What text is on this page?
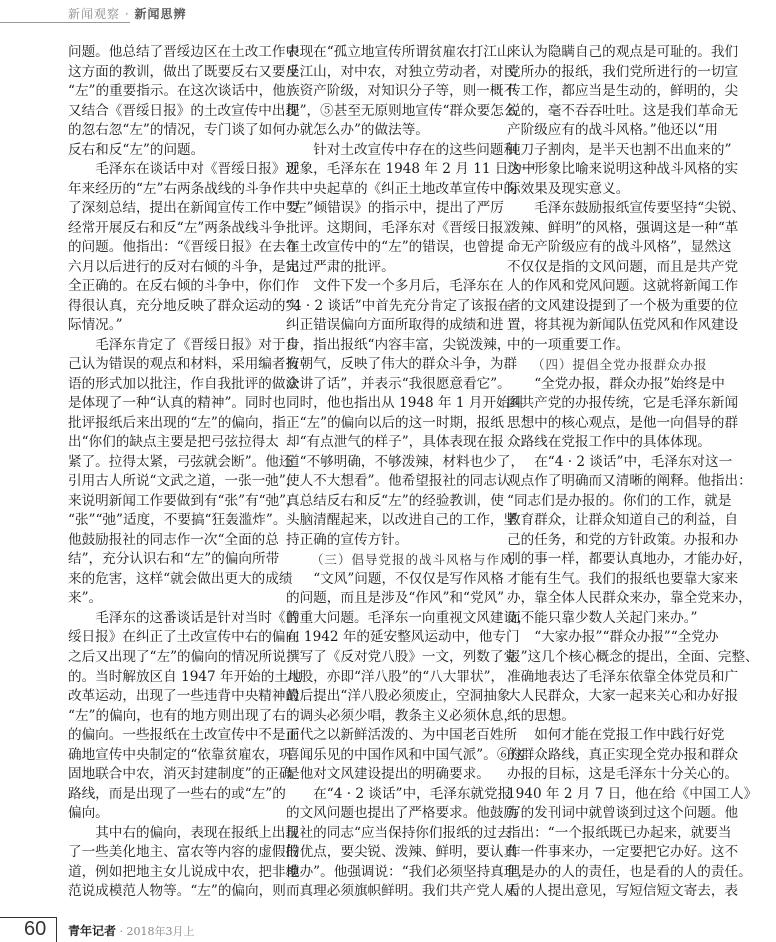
新闻观察 · 新闻思辨
问题。他总结了晋绥边区在土改工作中
这方面的教训，做出了既要反右又要反
“左”的重要指示。在这次谈话中，他
又结合《晋绥日报》的土改宣传中出现
的忽右忽“左”的情况，专门谈了如何
反右和反“左”的问题。
毛泽东在谈话中对《晋绥日报》近
年来经历的“左”右两条战线的斗争作
了深刻总结，提出在新闻宣传工作中要
经常开展反右和反“左”两条战线斗争
的问题。他指出：“《晋绥日报》在去年
六月以后进行的反对右倾的斗争，是完
全正确的。在反右倾的斗争中，你们作
得很认真，充分地反映了群众运动的实
际情况。”
毛泽东肯定了《晋绥日报》对于自
己认为错误的观点和材料，采用编者按
语的形式加以批注，作自我批评的做法
是体现了一种“认真的精神”。同时也
批评报纸后来出现的“左”的偏向，指
出“你们的缺点主要是把弓弦拉得太
紧了。拉得太紧，弓弦就会断”。他还
引用古人所说“文武之道，一张一弛”，
来说明新闻工作要做到有“张”有“弛”，
“张”“弛”适度，不要搞“狂轰滥炸”。
他鼓励报社的同志作一次“全面的总
结”，充分认识右和“左”的偏向所带
来的危害，这样“就会做出更大的成绩
来”。
毛泽东的这番谈话是针对当时《晋
绥日报》在纠正了土改宣传中右的偏向
之后又出现了“左”的偏向的情况所说
的。当时解放区自 1947 年开始的土地
改革运动，出现了一些违背中央精神的
“左”的偏向，也有的地方则出现了右
的偏向。一些报纸在土改宣传中不是正
确地宣传中央制定的“依靠贫雇农，巩
固地联合中农，消灭封建制度”的正确
路线，而是出现了一些右的或“左”的
偏向。
其中右的偏向，表现在报纸上出现
了一些美化地主、富农等内容的虚假报
道，例如把地主女儿说成中农，把非模
范说成模范人物等。“左”的偏向，则
表现在“孤立地宣传所谓贫雇农打江山
坐江山，对中农，对独立劳动者，对民
族资产阶级，对知识分子等，则一概不
提”，⑤甚至无原则地宣传“群众要怎么
办就怎么办”的做法等。
针对土改宣传中存在的这些问题和
现象，毛泽东在 1948 年 2 月 11 日为中
共中央起草的《纠正土地改革宣传中的
“左”倾错误》的指示中，提出了严厉
批评。这期间，毛泽东对《晋绥日报》
在土改宣传中的“左”的错误，也曾提
出过严肃的批评。
文件下发一个多月后，毛泽东在
“4 · 2 谈话”中首先充分肯定了该报在
纠正错误偏向方面所取得的成绩和进
步，指出报纸“内容丰富，尖锐泼辣，
有朝气，反映了伟大的群众斗争，为群
众讲了话”，并表示“我很愿意看它”。
同时，他也指出从 1948 年 1 月开始纠
正“左”的偏向以后的这一时期，报纸
却“有点泄气的样子”，具体表现在报
道“不够明确，不够泼辣，材料也少了，
使人不大想看”。他希望报社的同志认
真总结反右和反“左”的经验教训，使
头脑清醒起来，以改进自己的工作，坚
持正确的宣传方针。
（三）倡导党报的战斗风格与作风
“文风”问题，不仅仅是写作风格
的问题，而且是涉及“作风”和“党风”
的重大问题。毛泽东一向重视文风建设，
在 1942 年的延安整风运动中，他专门
撰写了《反对党八股》一文，列数了党
八股，亦即“洋八股”的“八大罪状”，
最后提出“洋八股必须废止，空洞抽象
的调头必须少唱，教条主义必须休息，
而代之以新鲜活泼的、为中国老百姓所
喜闻乐见的中国作风和中国气派”。⑥这
是他对文风建设提出的明确要求。
在“4 · 2 谈话”中，毛泽东就党报
的文风问题也提出了严格要求。他鼓励
报社的同志“应当保持你们报纸的过去
的优点，要尖锐、泼辣、鲜明，要认真
地办”。他强调说：“我们必须坚持真理，
而真理必须旗帜鲜明。我们共产党人从
来认为隐瞒自己的观点是可耻的。我们
党所办的报纸，我们党所进行的一切宣
传工作，都应当是生动的，鲜明的，尖
锐的，毫不吞吞吐吐。这是我们革命无
产阶级应有的战斗风格。”他还以“用
钝刀子割肉，是半天也割不出血来的”
这一形象比喻来说明这种战斗风格的实
际效果及现实意义。
毛泽东鼓励报纸宣传要坚持“尖锐、
泼辣、鲜明”的风格，强调这是一种“革
命无产阶级应有的战斗风格”，显然这
不仅仅是指的文风问题，而且是共产党
人的作风和党风问题。这就将新闻工作
者的文风建设提到了一个极为重要的位
置，将其视为新闻队伍党风和作风建设
中的一项重要工作。
（四）提倡全党办报群众办报
“全党办报，群众办报”始终是中
国共产党的办报传统，它是毛泽东新闻
思想中的核心观点，是他一向倡导的群
众路线在党报工作中的具体体现。
在“4 · 2 谈话”中，毛泽东对这一
观点作了明确而又清晰的阐释。他指出：
“同志们是办报的。你们的工作，就是
教育群众，让群众知道自己的利益，自
己的任务，和党的方针政策。办报和办
别的事一样，都要认真地办，才能办好，
才能有生气。我们的报纸也要靠大家来
办，靠全体人民群众来办，靠全党来办，
而不能只靠少数人关起门来办。”
“大家办报”“群众办报”“全党办
报”这几个核心概念的提出，全面、完整、
准确地表达了毛泽东依靠全体党员和广
大人民群众，大家一起来关心和办好报
纸的思想。
如何才能在党报工作中践行好党
的群众路线，真正实现全党办报和群众
办报的目标，这是毛泽东十分关心的。
1940 年 2 月 7 日，他在给《中国工人》
写的发刊词中就曾谈到过这个问题。他
指出：“一个报纸既已办起来，就要当
作一件事来办，一定要把它办好。这不
但是办的人的责任，也是看的人的责任。
看的人提出意见，写短信短文寄去，表
60 青年记者 · 2018年3月上
